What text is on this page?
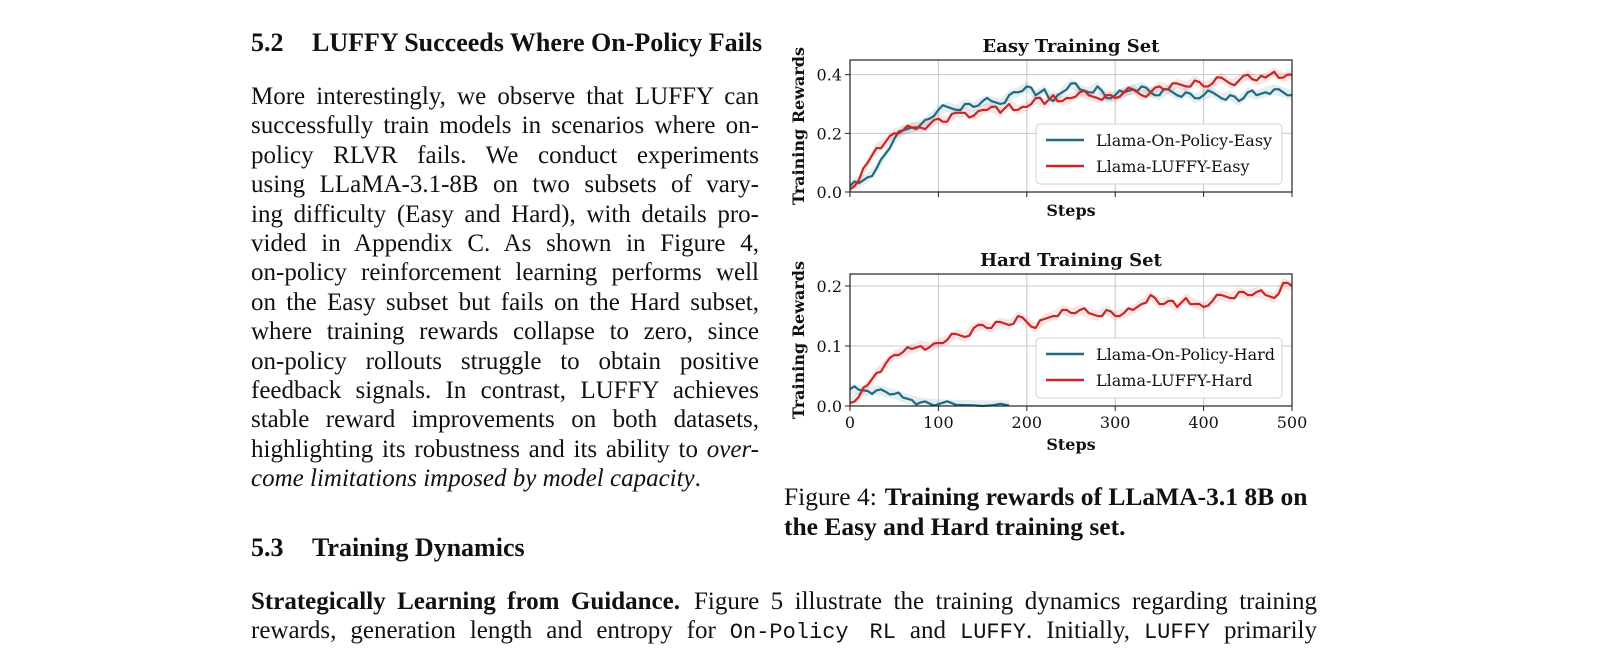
5.2 LUFFY Succeeds Where On-Policy Fails

More interestingly, we observe that LUFFY can
successfully train models in scenarios where on-
policy RLVR fails. We conduct experiments
using LLaMA-3.1-8B on two subsets of vary-
ing difficulty (Easy and Hard), with details pro-
vided in Appendix C. As shown in Figure 4,
on-policy reinforcement learning performs well
on the Easy subset but fails on the Hard subset,
where training rewards collapse to zero, since
on-policy rollouts struggle to obtain positive
feedback signals. In contrast, LUFFY achieves
stable reward improvements on both datasets,
highlighting its robustness and its ability to over-
come limitations imposed by model capacity.

5.3 Training Dynamics

Strategically Learning from Guidance. Figure 5 illustrate the training dynamics regarding training
rewards, generation length and entropy for On-Policy RL and LUFFY. Initially, LUFFY primarily

Easy Training Set
0.0
0.2
0.4
Steps
Training Rewards	Llama-On-Policy-Easy
Llama-LUFFY-Easy
Hard Training Set
0.0
0.1
0.2
0	100	200	300	400	500
Steps
Training Rewards	Llama-On-Policy-Hard
Llama-LUFFY-Hard
Figure 4: Training rewards of LLaMA-3.1 8B on the Easy and Hard training set.
